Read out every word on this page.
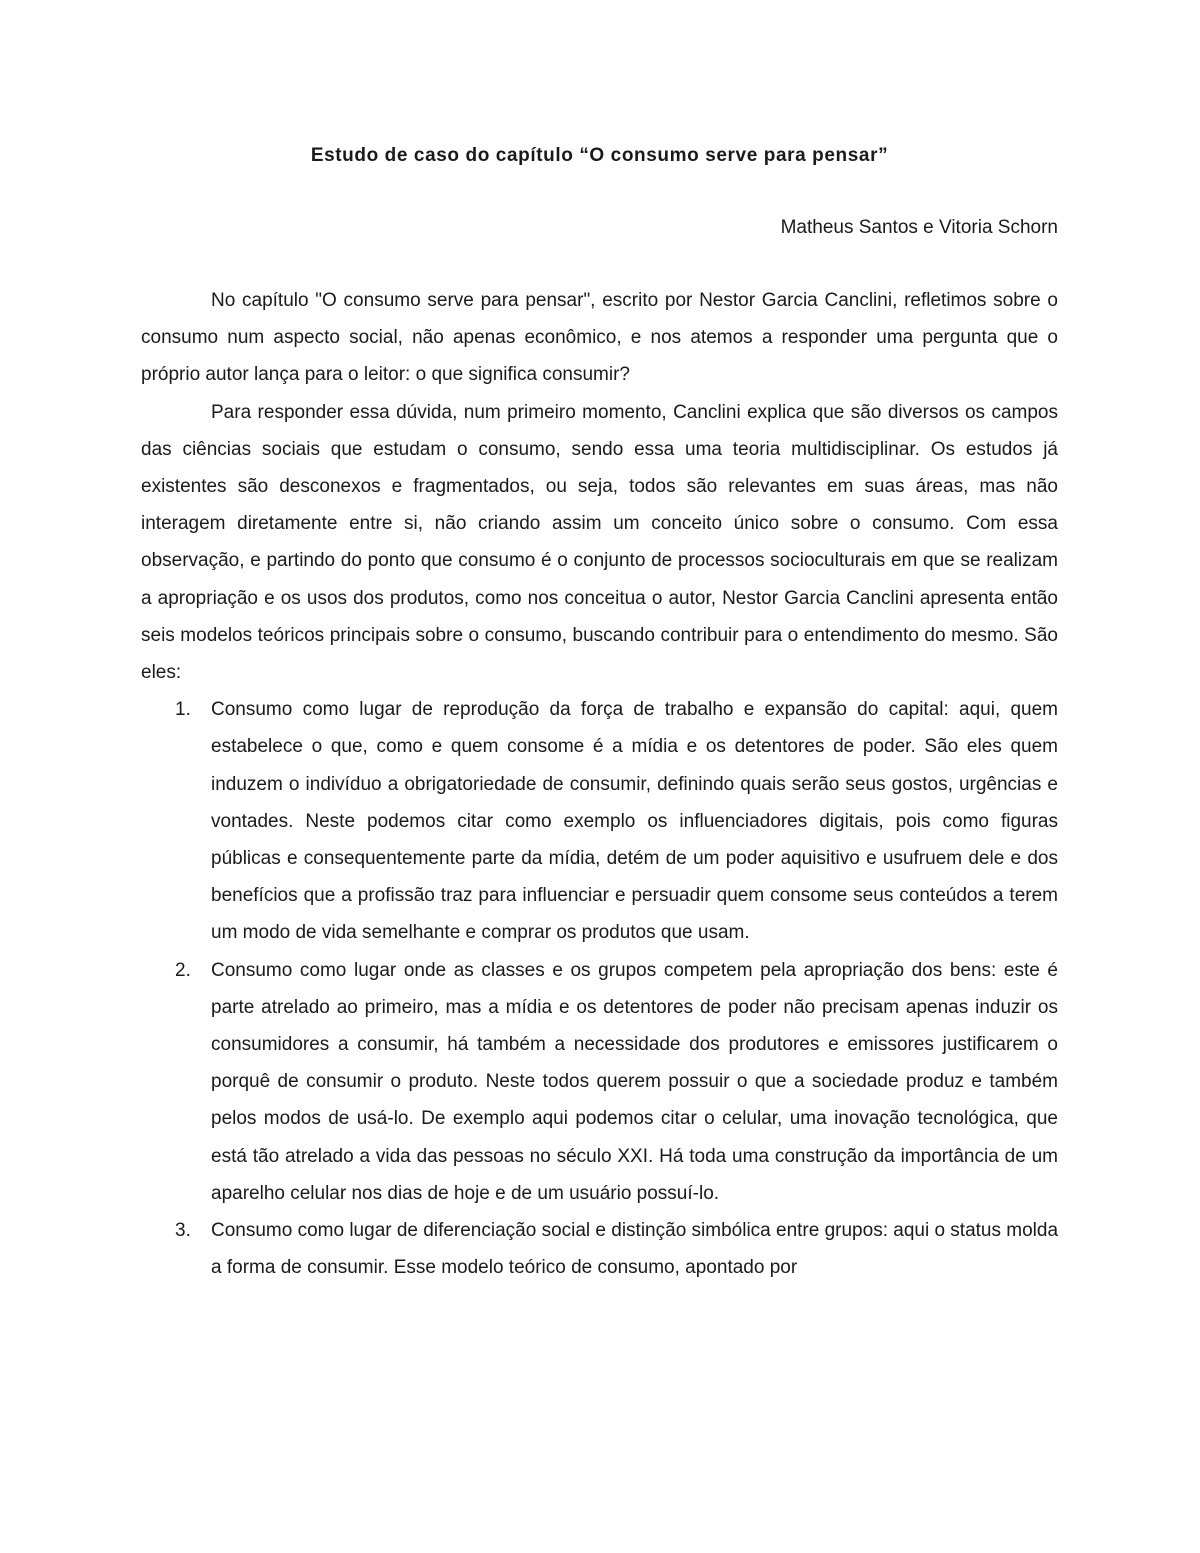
Estudo de caso do capítulo “O consumo serve para pensar”

Matheus Santos e Vitoria Schorn

No capítulo "O consumo serve para pensar", escrito por Nestor Garcia Canclini, refletimos sobre o consumo num aspecto social, não apenas econômico, e nos atemos a responder uma pergunta que o próprio autor lança para o leitor: o que significa consumir?

Para responder essa dúvida, num primeiro momento, Canclini explica que são diversos os campos das ciências sociais que estudam o consumo, sendo essa uma teoria multidisciplinar. Os estudos já existentes são desconexos e fragmentados, ou seja, todos são relevantes em suas áreas, mas não interagem diretamente entre si, não criando assim um conceito único sobre o consumo. Com essa observação, e partindo do ponto que consumo é o conjunto de processos socioculturais em que se realizam a apropriação e os usos dos produtos, como nos conceitua o autor, Nestor Garcia Canclini apresenta então seis modelos teóricos principais sobre o consumo, buscando contribuir para o entendimento do mesmo. São eles:

1. Consumo como lugar de reprodução da força de trabalho e expansão do capital: aqui, quem estabelece o que, como e quem consome é a mídia e os detentores de poder. São eles quem induzem o indivíduo a obrigatoriedade de consumir, definindo quais serão seus gostos, urgências e vontades. Neste podemos citar como exemplo os influenciadores digitais, pois como figuras públicas e consequentemente parte da mídia, detém de um poder aquisitivo e usufruem dele e dos benefícios que a profissão traz para influenciar e persuadir quem consome seus conteúdos a terem um modo de vida semelhante e comprar os produtos que usam.
2. Consumo como lugar onde as classes e os grupos competem pela apropriação dos bens: este é parte atrelado ao primeiro, mas a mídia e os detentores de poder não precisam apenas induzir os consumidores a consumir, há também a necessidade dos produtores e emissores justificarem o porquê de consumir o produto. Neste todos querem possuir o que a sociedade produz e também pelos modos de usá-lo. De exemplo aqui podemos citar o celular, uma inovação tecnológica, que está tão atrelado a vida das pessoas no século XXI. Há toda uma construção da importância de um aparelho celular nos dias de hoje e de um usuário possuí-lo.
3. Consumo como lugar de diferenciação social e distinção simbólica entre grupos: aqui o status molda a forma de consumir. Esse modelo teórico de consumo, apontado por
